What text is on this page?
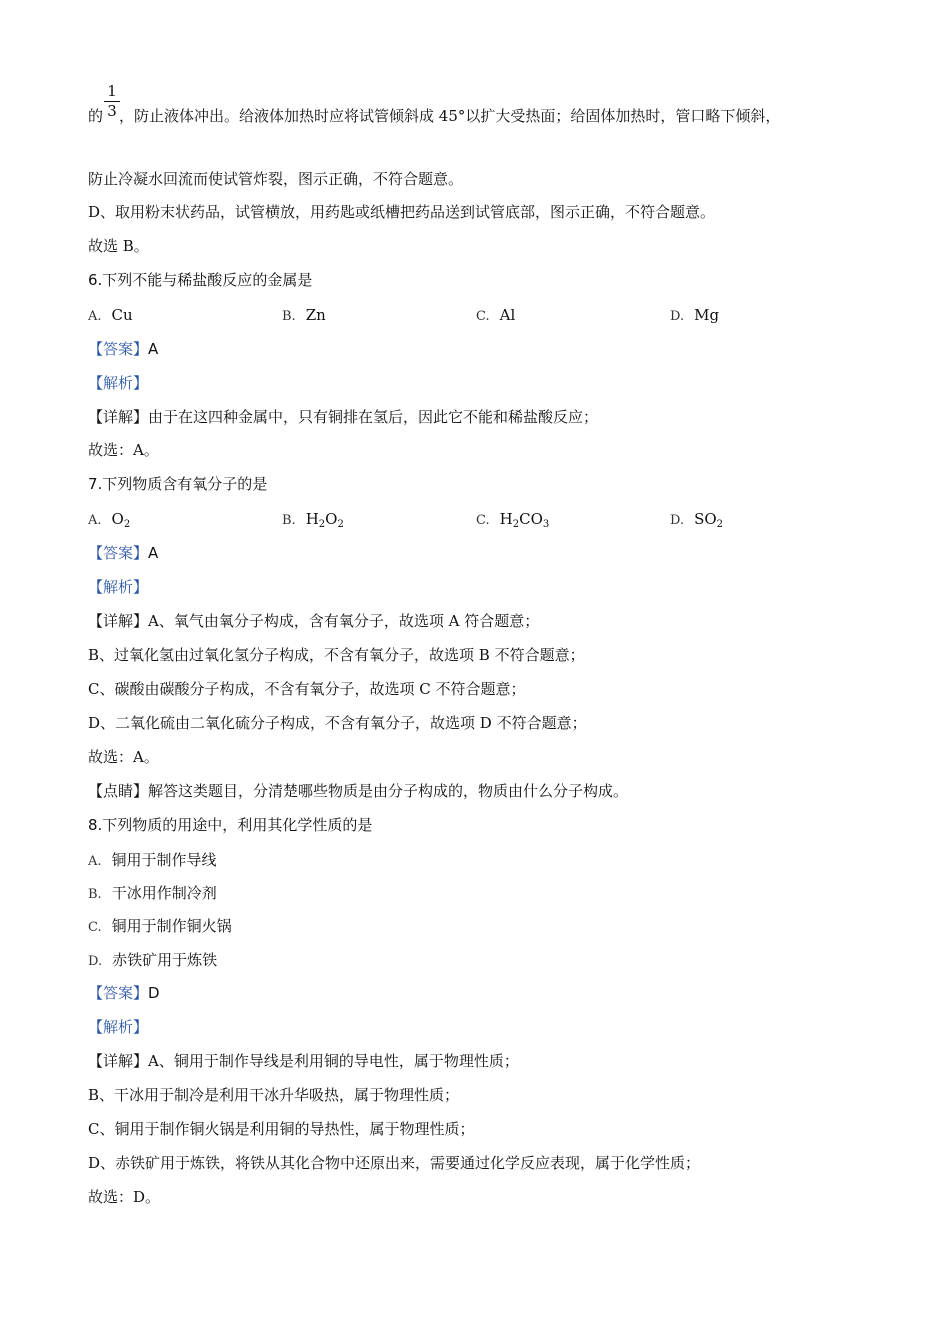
$\frac{1}{3}$
的 ，防止液体冲出。给液体加热时应将试管倾斜成 45°以扩大受热面；给固体加热时，管口略下倾斜，
防止冷凝水回流而使试管炸裂，图示正确，不符合题意。
D、取用粉末状药品，试管横放，用药匙或纸槽把药品送到试管底部，图示正确，不符合题意。
故选 B。
6.下列不能与稀盐酸反应的金属是
A. Cu	B. Zn	C. Al	D. Mg
【答案】A
【解析】
【详解】由于在这四种金属中，只有铜排在氢后，因此它不能和稀盐酸反应；
故选：A。
7.下列物质含有氧分子的是
A. $O_2$	B. $H_2O_2$	C. $H_2CO_3$	D. $SO_2$
【答案】A
【解析】
【详解】A、氧气由氧分子构成，含有氧分子，故选项 A 符合题意；
B、过氧化氢由过氧化氢分子构成，不含有氧分子，故选项 B 不符合题意；
C、碳酸由碳酸分子构成，不含有氧分子，故选项 C 不符合题意；
D、二氧化硫由二氧化硫分子构成，不含有氧分子，故选项 D 不符合题意；
故选：A。
【点睛】解答这类题目，分清楚哪些物质是由分子构成的，物质由什么分子构成。
8.下列物质的用途中，利用其化学性质的是
A. 铜用于制作导线
B. 干冰用作制冷剂
C. 铜用于制作铜火锅
D. 赤铁矿用于炼铁
【答案】D
【解析】
【详解】A、铜用于制作导线是利用铜的导电性，属于物理性质；
B、干冰用于制冷是利用干冰升华吸热，属于物理性质；
C、铜用于制作铜火锅是利用铜的导热性，属于物理性质；
D、赤铁矿用于炼铁，将铁从其化合物中还原出来，需要通过化学反应表现，属于化学性质；
故选：D。
